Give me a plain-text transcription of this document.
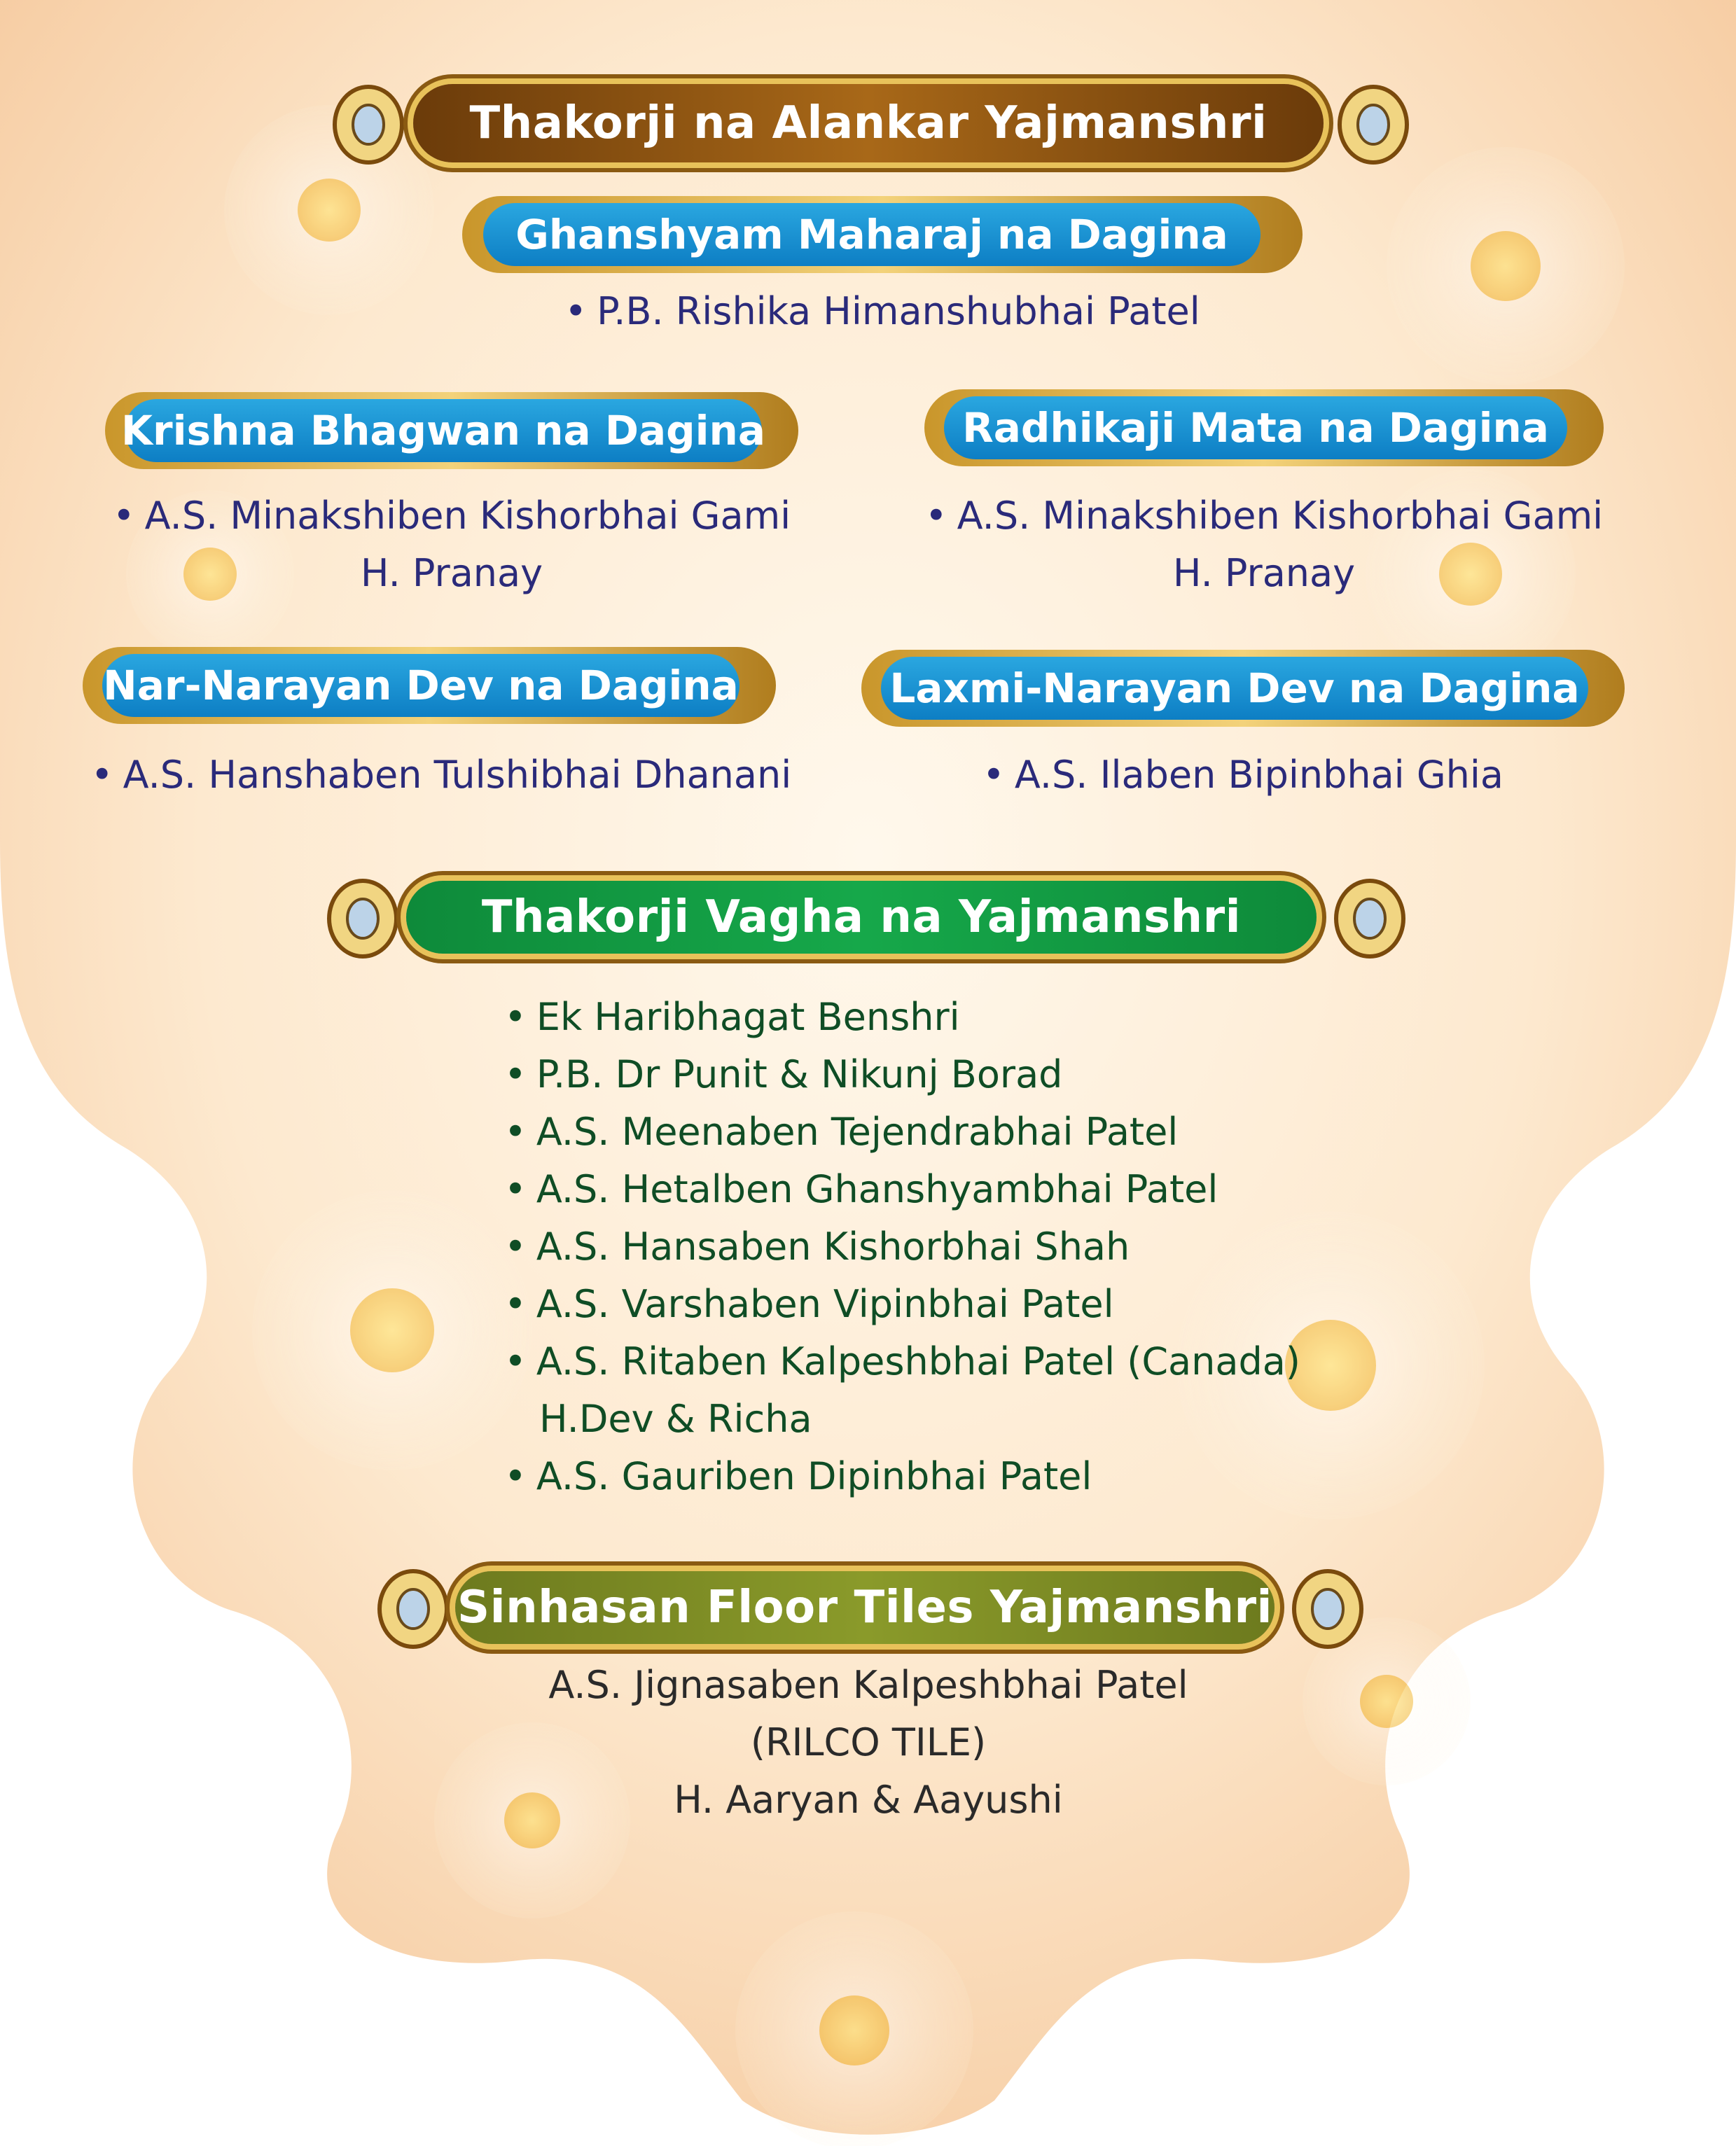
Thakorji na Alankar Yajmanshri
Ghanshyam Maharaj na Dagina
• P.B. Rishika Himanshubhai Patel
Krishna Bhagwan na Dagina
• A.S. Minakshiben Kishorbhai Gami
H. Pranay
Radhikaji Mata na Dagina
• A.S. Minakshiben Kishorbhai Gami
H. Pranay
Nar-Narayan Dev na Dagina
• A.S. Hanshaben Tulshibhai Dhanani
Laxmi-Narayan Dev na Dagina
• A.S. Ilaben Bipinbhai Ghia
Thakorji Vagha na Yajmanshri
• Ek Haribhagat Benshri
• P.B. Dr Punit & Nikunj Borad
• A.S. Meenaben Tejendrabhai Patel
• A.S. Hetalben Ghanshyambhai Patel
• A.S. Hansaben Kishorbhai Shah
• A.S. Varshaben Vipinbhai Patel
• A.S. Ritaben Kalpeshbhai Patel (Canada)
H.Dev & Richa
• A.S. Gauriben Dipinbhai Patel
Sinhasan Floor Tiles Yajmanshri
A.S. Jignasaben Kalpeshbhai Patel
(RILCO TILE)
H. Aaryan & Aayushi
